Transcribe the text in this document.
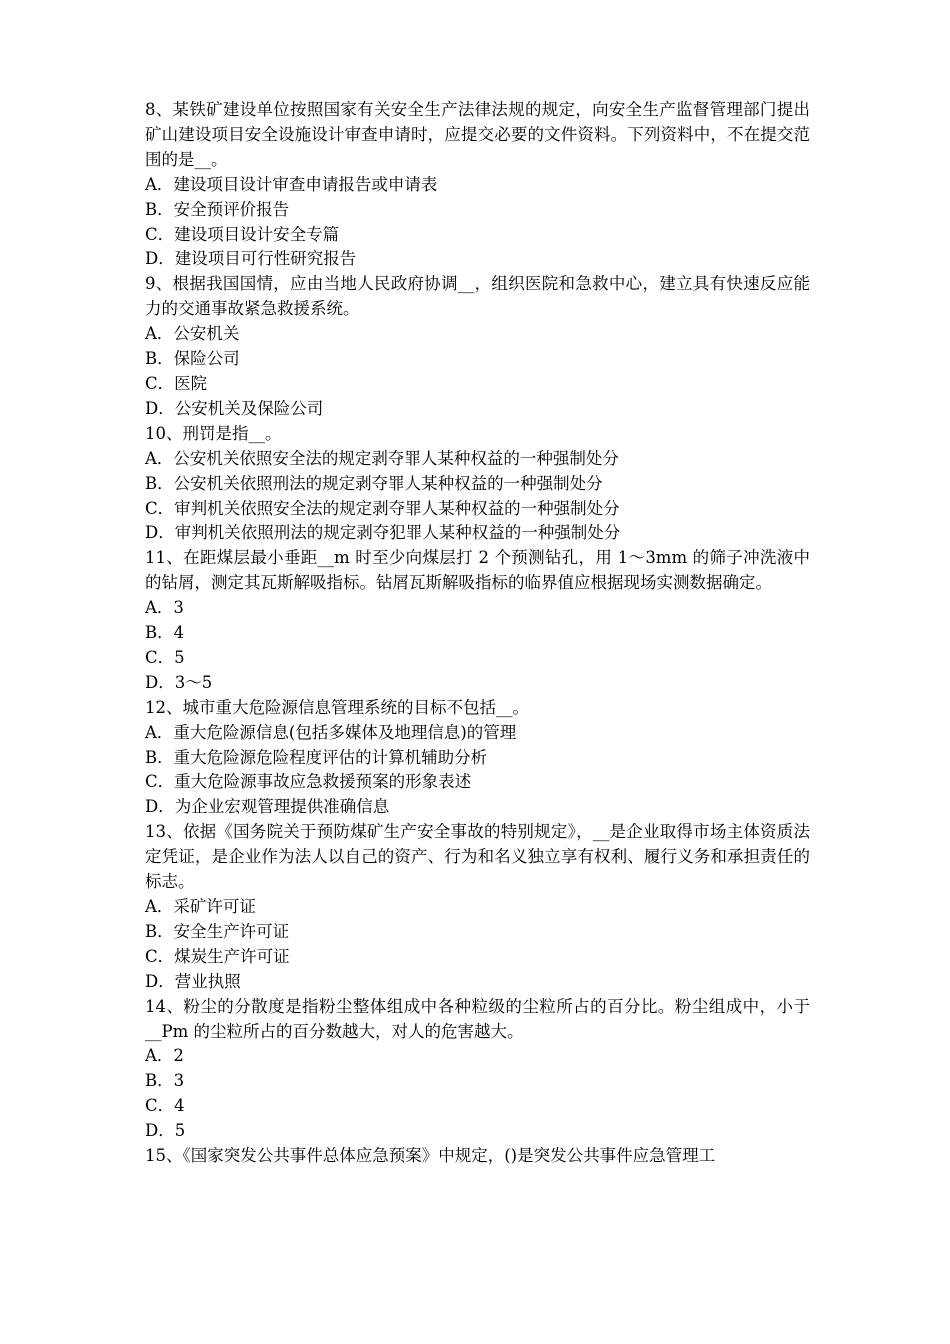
8、某铁矿建设单位按照国家有关安全生产法律法规的规定，向安全生产监督管理部门提出矿山建设项目安全设施设计审查申请时，应提交必要的文件资料。下列资料中，不在提交范围的是__。

A．建设项目设计审查申请报告或申请表

B．安全预评价报告

C．建设项目设计安全专篇

D．建设项目可行性研究报告

9、根据我国国情，应由当地人民政府协调__，组织医院和急救中心，建立具有快速反应能力的交通事故紧急救援系统。

A．公安机关

B．保险公司

C．医院

D．公安机关及保险公司

10、刑罚是指__。

A．公安机关依照安全法的规定剥夺罪人某种权益的一种强制处分

B．公安机关依照刑法的规定剥夺罪人某种权益的一种强制处分

C．审判机关依照安全法的规定剥夺罪人某种权益的一种强制处分

D．审判机关依照刑法的规定剥夺犯罪人某种权益的一种强制处分

11、在距煤层最小垂距__m 时至少向煤层打 2 个预测钻孔，用 1～3mm 的筛子冲洗液中的钻屑，测定其瓦斯解吸指标。钻屑瓦斯解吸指标的临界值应根据现场实测数据确定。

A．3

B．4

C．5

D．3～5

12、城市重大危险源信息管理系统的目标不包括__。

A．重大危险源信息(包括多媒体及地理信息)的管理

B．重大危险源危险程度评估的计算机辅助分析

C．重大危险源事故应急救援预案的形象表述

D．为企业宏观管理提供准确信息

13、依据《国务院关于预防煤矿生产安全事故的特别规定》，__是企业取得市场主体资质法定凭证，是企业作为法人以自己的资产、行为和名义独立享有权利、履行义务和承担责任的标志。

A．采矿许可证

B．安全生产许可证

C．煤炭生产许可证

D．营业执照

14、粉尘的分散度是指粉尘整体组成中各种粒级的尘粒所占的百分比。粉尘组成中，小于__Pm 的尘粒所占的百分数越大，对人的危害越大。

A．2

B．3

C．4

D．5

15、《国家突发公共事件总体应急预案》中规定，()是突发公共事件应急管理工
